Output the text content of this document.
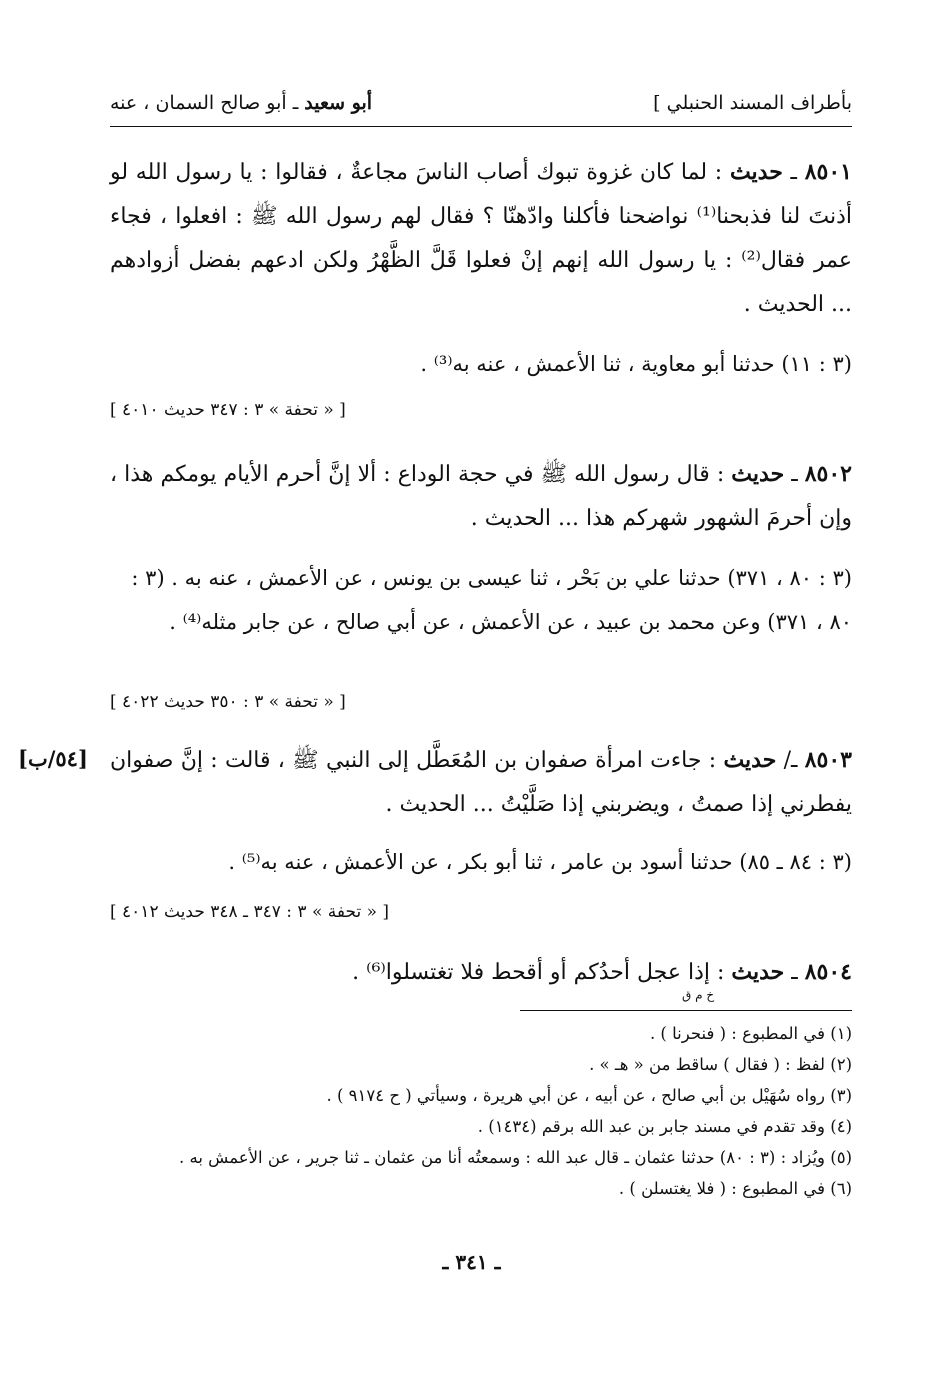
بأطراف المسند الحنبلي ]
أبو سعيد ـ أبو صالح السمان ، عنه
٨٥٠١ ـ حديث : لما كان غزوة تبوك أصاب الناسَ مجاعةٌ ، فقالوا : يا رسول الله لو أذنتَ لنا فذبحنا⁽¹⁾ نواضحنا فأكلنا وادّهنّا ؟ فقال لهم رسول الله ﷺ : افعلوا ، فجاء عمر فقال⁽²⁾ : يا رسول الله إنهم إنْ فعلوا قَلَّ الظَّهْرُ ولكن ادعهم بفضل أزوادهم ... الحديث .
(٣ : ١١) حدثنا أبو معاوية ، ثنا الأعمش ، عنه به⁽³⁾ .
[ « تحفة » ٣ : ٣٤٧ حديث ٤٠١٠ ]
٨٥٠٢ ـ حديث : قال رسول الله ﷺ في حجة الوداع : ألا إنَّ أحرم الأيام يومكم هذا ، وإن أحرمَ الشهور شهركم هذا ... الحديث .
(٣ : ٨٠ ، ٣٧١) حدثنا علي بن بَحْر ، ثنا عيسى بن يونس ، عن الأعمش ، عنه به . (٣ : ٨٠ ، ٣٧١) وعن محمد بن عبيد ، عن الأعمش ، عن أبي صالح ، عن جابر مثله⁽⁴⁾ .
[ « تحفة » ٣ : ٣٥٠ حديث ٤٠٢٢ ]
٨٥٠٣ ـ/ حديث : جاءت امرأة صفوان بن المُعَطَّل إلى النبي ﷺ ، قالت : إنَّ صفوان يفطرني إذا صمتُ ، ويضربني إذا صَلَّيْتُ ... الحديث .
[٥٤/ب]
(٣ : ٨٤ ـ ٨٥) حدثنا أسود بن عامر ، ثنا أبو بكر ، عن الأعمش ، عنه به⁽⁵⁾ .
[ « تحفة » ٣ : ٣٤٧ ـ ٣٤٨ حديث ٤٠١٢ ]
٨٥٠٤ ـ حديث : إذا عجل أحدُكم أو أقحط فلا تغتسلوا⁽⁶⁾ .
خ م ق
(١) في المطبوع : ( فنحرنا ) .
(٢) لفظ : ( فقال ) ساقط من « هـ » .
(٣) رواه سُهَيْل بن أبي صالح ، عن أبيه ، عن أبي هريرة ، وسيأتي ( ح ٩١٧٤ ) .
(٤) وقد تقدم في مسند جابر بن عبد الله برقم (١٤٣٤) .
(٥) ويُزاد : (٣ : ٨٠) حدثنا عثمان ـ قال عبد الله : وسمعتُه أنا من عثمان ـ ثنا جرير ، عن الأعمش به .
(٦) في المطبوع : ( فلا يغتسلن ) .
ـ ٣٤١ ـ
